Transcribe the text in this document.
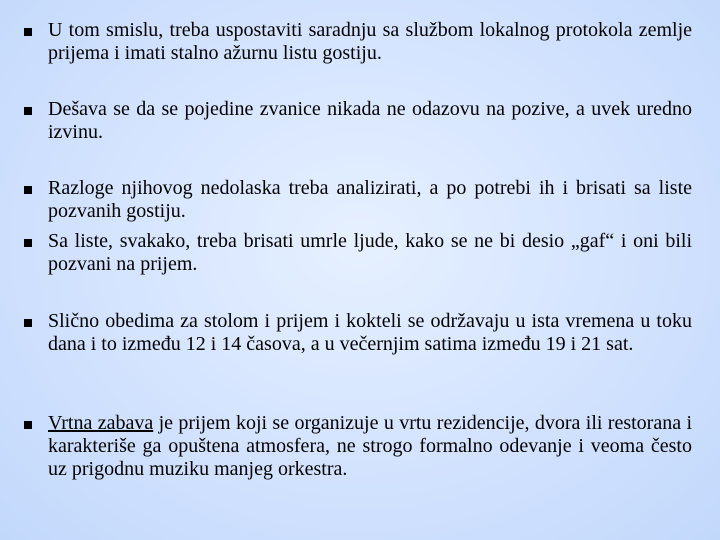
U tom smislu, treba uspostaviti saradnju sa službom lokalnog protokola zemlje prijema i imati stalno ažurnu listu gostiju.
Dešava se da se pojedine zvanice nikada ne odazovu na pozive, a uvek uredno izvinu.
Razloge njihovog nedolaska treba analizirati, a po potrebi ih i brisati sa liste pozvanih gostiju.
Sa liste, svakako, treba brisati umrle ljude, kako se ne bi desio „gaf“ i oni bili pozvani na prijem.
Slično obedima za stolom i prijem i kokteli se održavaju u ista vremena u toku dana i to između 12 i 14 časova, a u večernjim satima između 19 i 21 sat.
Vrtna zabava je prijem koji se organizuje u vrtu rezidencije, dvora ili restorana i karakteriše ga opuštena atmosfera, ne strogo formalno odevanje i veoma često uz prigodnu muziku manjeg orkestra.
